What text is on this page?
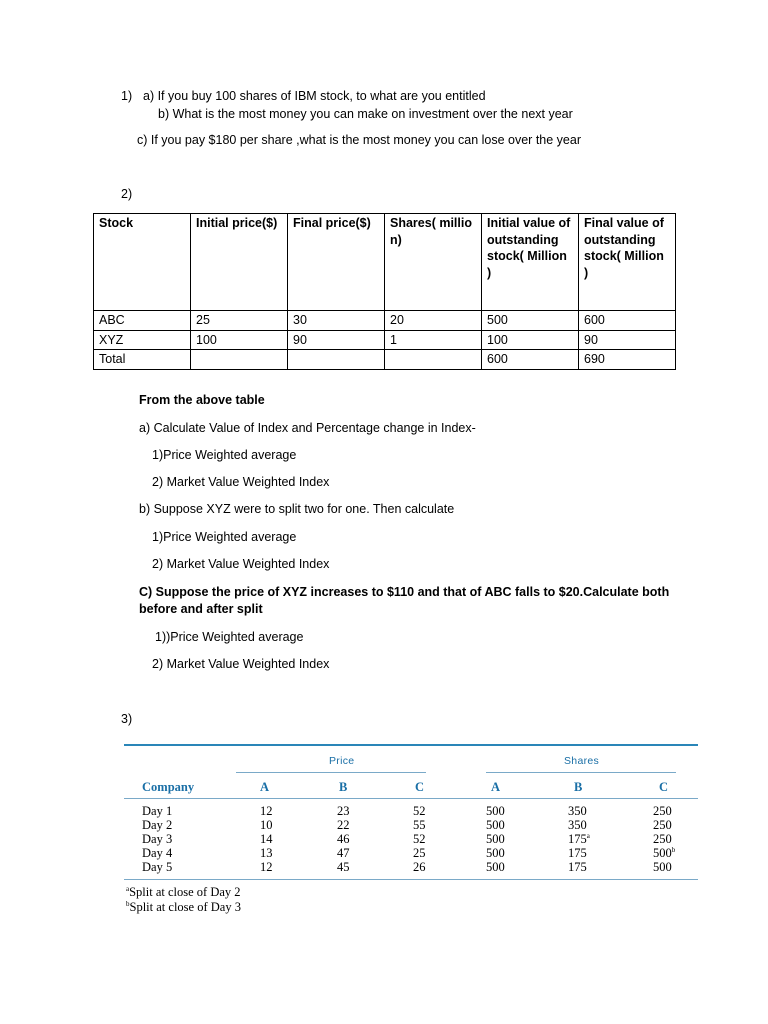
1) a) If you buy 100 shares of IBM stock, to what are you entitled
b) What is the most money you can make on investment over the next year
c) If you pay $180 per share ,what is the most money you can lose over the year
2)
Stock	Initial price($)	Final price($)	Shares( million)	Initial value of outstanding stock( Million )	Final value of outstanding stock( Million )
ABC	25	30	20	500	600
XYZ	100	90	1	100	90
Total				600	690
From the above table
a) Calculate Value of Index and Percentage change in Index-
1)Price Weighted average
2) Market Value Weighted Index
b) Suppose XYZ were to split two for one. Then calculate
1)Price Weighted average
2) Market Value Weighted Index
C) Suppose the price of XYZ increases to $110 and that of ABC falls to $20.Calculate both
before and after split
1))Price Weighted average
2) Market Value Weighted Index
3)
Price	Shares
Company	A	B	C	A	B	C
Day 1	12	23	52	500	350	250
Day 2	10	22	55	500	350	250
Day 3	14	46	52	500	175$^a$	250
Day 4	13	47	25	500	175	500$^b$
Day 5	12	45	26	500	175	500
$^a$Split at close of Day 2
$^b$Split at close of Day 3
